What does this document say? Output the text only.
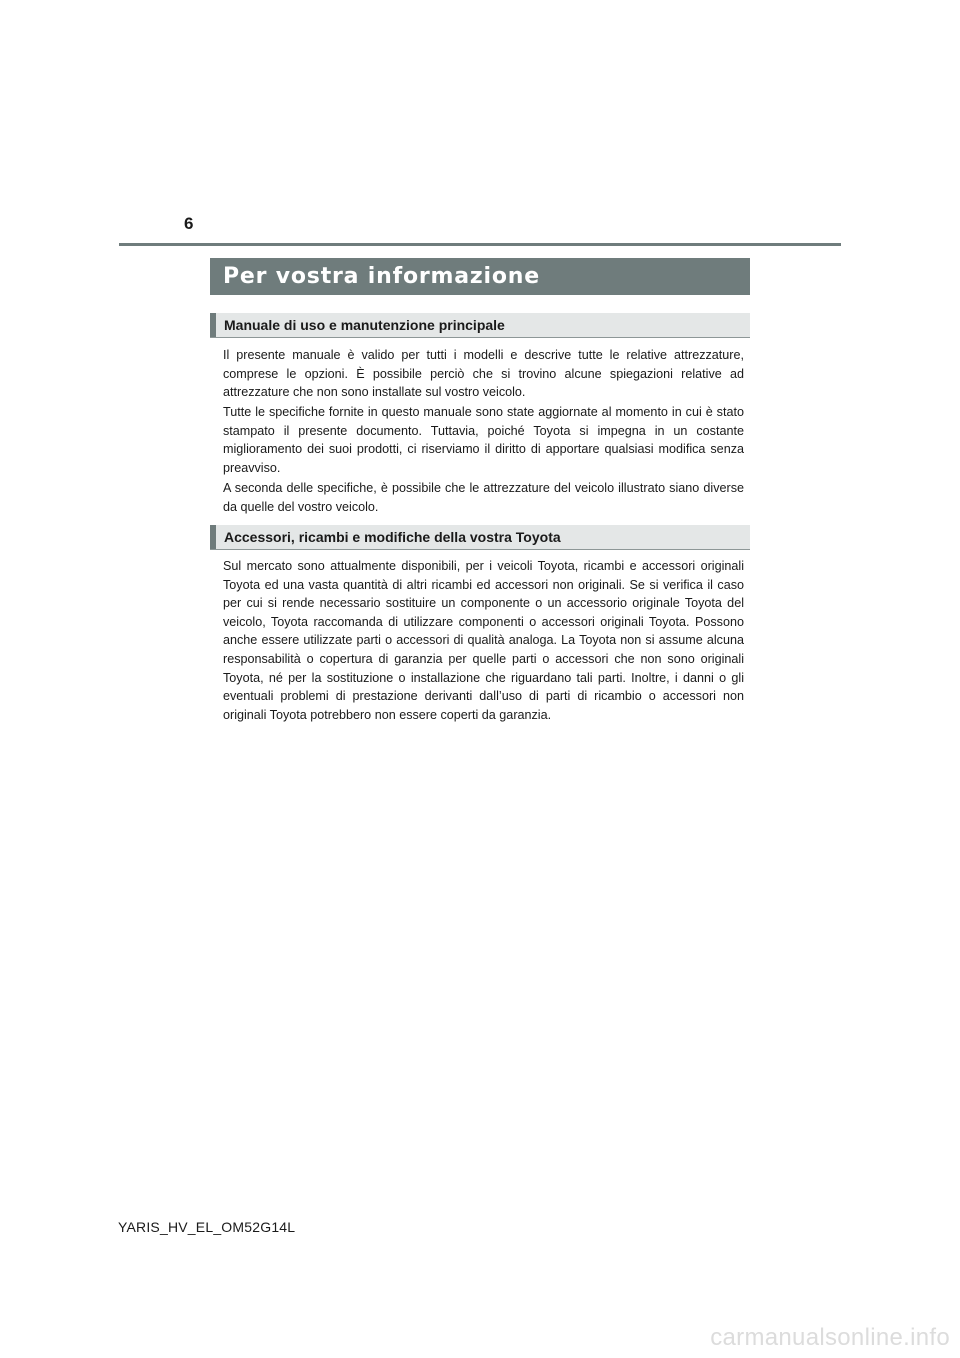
6
Per vostra informazione
Manuale di uso e manutenzione principale

Il presente manuale è valido per tutti i modelli e descrive tutte le relative attrezzature, comprese le opzioni. È possibile perciò che si trovino alcune spiegazioni relative ad attrezzature che non sono installate sul vostro veicolo.

Tutte le specifiche fornite in questo manuale sono state aggiornate al momento in cui è stato stampato il presente documento. Tuttavia, poiché Toyota si impegna in un costante miglioramento dei suoi prodotti, ci riserviamo il diritto di apportare qualsiasi modifica senza preavviso.

A seconda delle specifiche, è possibile che le attrezzature del veicolo illustrato siano diverse da quelle del vostro veicolo.

Accessori, ricambi e modifiche della vostra Toyota

Sul mercato sono attualmente disponibili, per i veicoli Toyota, ricambi e accessori originali Toyota ed una vasta quantità di altri ricambi ed accessori non originali. Se si verifica il caso per cui si rende necessario sostituire un componente o un accessorio originale Toyota del veicolo, Toyota raccomanda di utilizzare componenti o accessori originali Toyota. Possono anche essere utilizzate parti o accessori di qualità analoga. La Toyota non si assume alcuna responsabilità o copertura di garanzia per quelle parti o accessori che non sono originali Toyota, né per la sostituzione o installazione che riguardano tali parti. Inoltre, i danni o gli eventuali problemi di prestazione derivanti dall’uso di parti di ricambio o accessori non originali Toyota potrebbero non essere coperti da garanzia.

YARIS_HV_EL_OM52G14L
carmanualsonline.info
